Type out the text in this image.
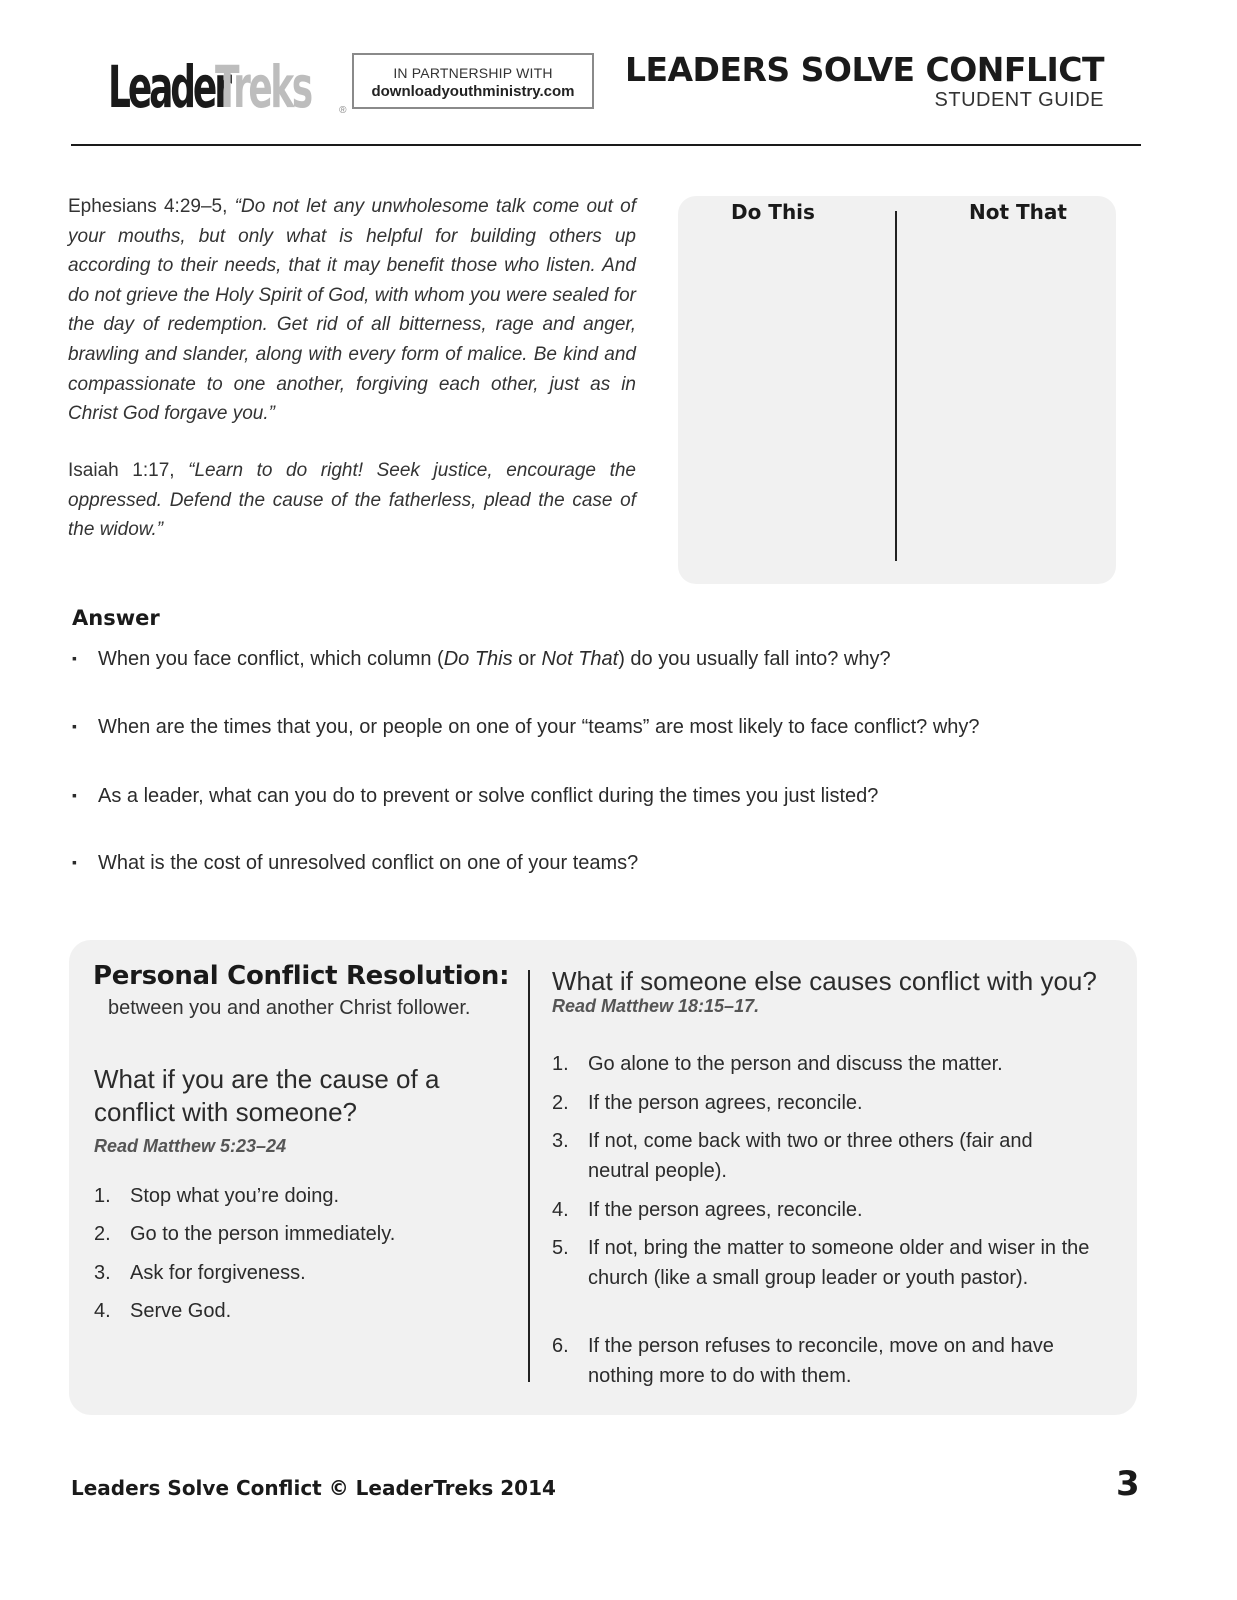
Leader
Treks	®
IN PARTNERSHIP WITH
downloadyouthministry.com
LEADERS SOLVE CONFLICT
STUDENT GUIDE
Ephesians 4:29–5, “Do not let any unwholesome talk come out of your mouths, but only what is helpful for building others up according to their needs, that it may benefit those who listen. And do not grieve the Holy Spirit of God, with whom you were sealed for the day of redemption. Get rid of all bitterness, rage and anger, brawling and slander, along with every form of malice. Be kind and compassionate to one another, forgiving each other, just as in Christ God forgave you.”
Isaiah 1:17, “Learn to do right! Seek justice, encourage the oppressed. Defend the cause of the fatherless, plead the case of the widow.”
Do This	Not That
Answer
▪	When you face conflict, which column (Do This or Not That) do you usually fall into? why?
▪	When are the times that you, or people on one of your “teams” are most likely to face conflict? why?
▪	As a leader, what can you do to prevent or solve conflict during the times you just listed?
▪	What is the cost of unresolved conflict on one of your teams?
Personal Conflict Resolution:
between you and another Christ follower.
What if you are the cause of a conflict with someone?
Read Matthew 5:23–24
1. Stop what you’re doing.
2. Go to the person immediately.
3. Ask for forgiveness.
4. Serve God.
What if someone else causes conflict with you?
Read Matthew 18:15–17.
1. Go alone to the person and discuss the matter.
2. If the person agrees, reconcile.
3. If not, come back with two or three others (fair and neutral people).
4. If the person agrees, reconcile.
5. If not, bring the matter to someone older and wiser in the church (like a small group leader or youth pastor).
6. If the person refuses to reconcile, move on and have nothing more to do with them.
Leaders Solve Conflict © LeaderTreks 2014	3
